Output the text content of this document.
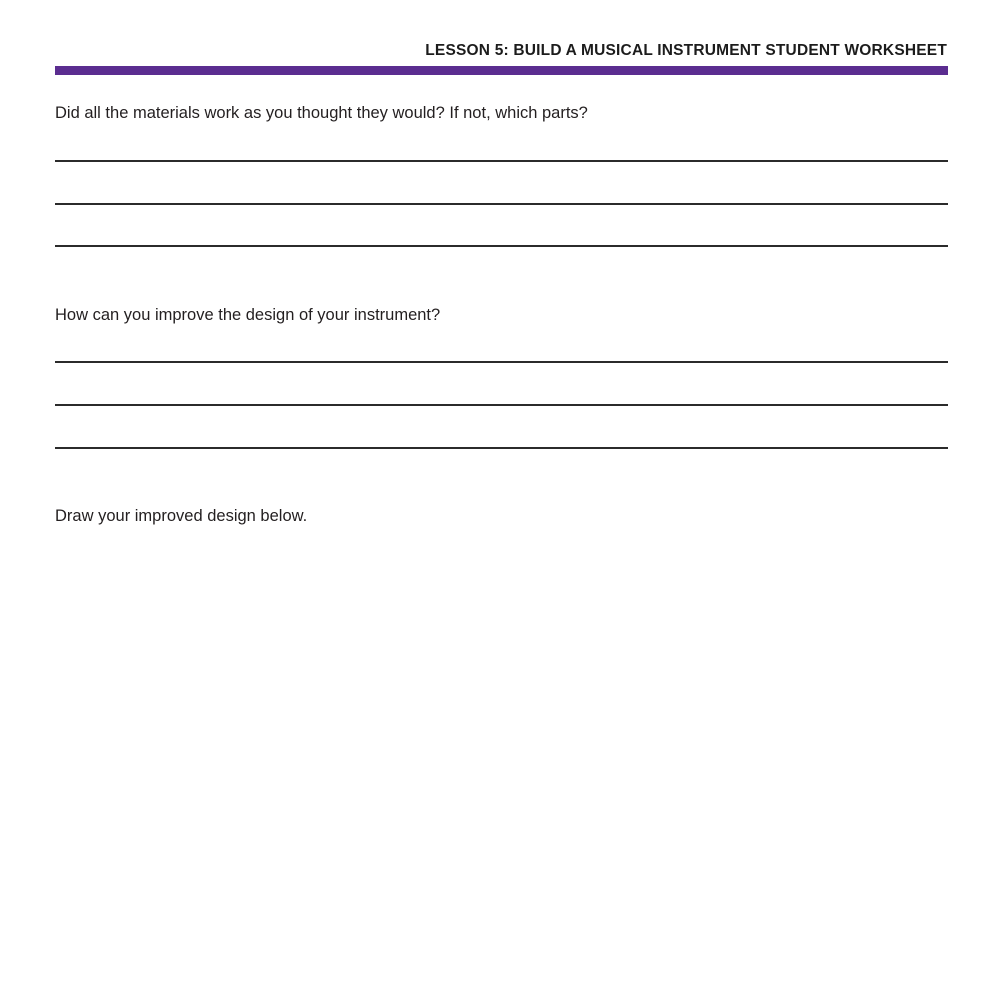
LESSON 5: BUILD A MUSICAL INSTRUMENT STUDENT WORKSHEET
Did all the materials work as you thought they would? If not, which parts?
How can you improve the design of your instrument?
Draw your improved design below.
